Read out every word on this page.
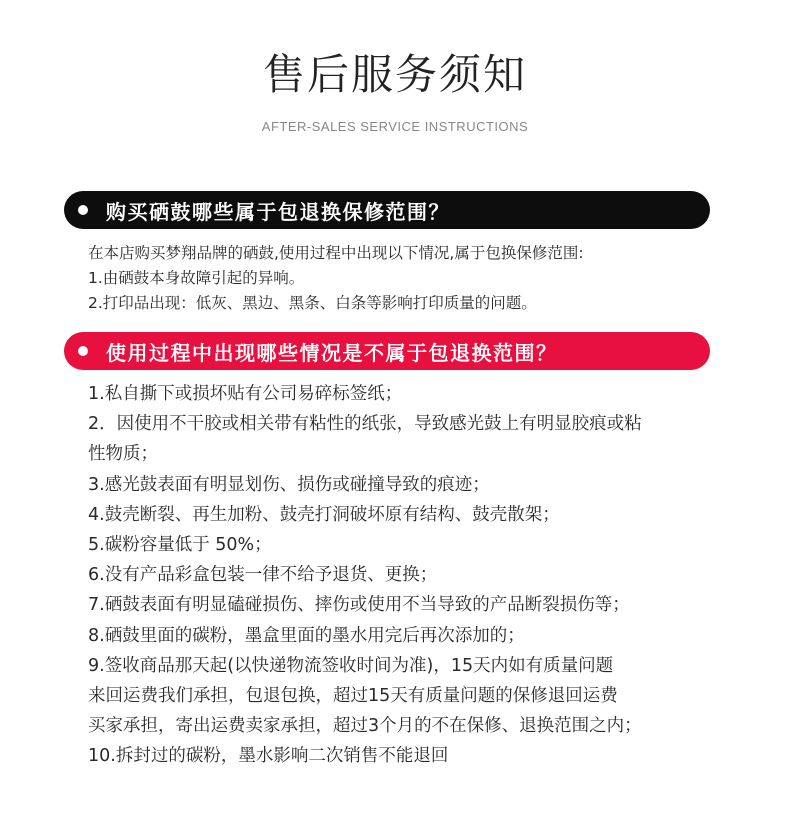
售后服务须知
AFTER-SALES SERVICE INSTRUCTIONS
购买硒鼓哪些属于包退换保修范围？
在本店购买梦翔品牌的硒鼓,使用过程中出现以下情况,属于包换保修范围:
1.由硒鼓本身故障引起的异响。
2.打印品出现：低灰、黑边、黑条、白条等影响打印质量的问题。
使用过程中出现哪些情况是不属于包退换范围？
1.私自撕下或损坏贴有公司易碎标签纸；
2．因使用不干胶或相关带有粘性的纸张，导致感光鼓上有明显胶痕或粘
性物质；
3.感光鼓表面有明显划伤、损伤或碰撞导致的痕迹；
4.鼓壳断裂、再生加粉、鼓壳打洞破坏原有结构、鼓壳散架；
5.碳粉容量低于 50%；
6.没有产品彩盒包装一律不给予退货、更换；
7.硒鼓表面有明显磕碰损伤、摔伤或使用不当导致的产品断裂损伤等；
8.硒鼓里面的碳粉，墨盒里面的墨水用完后再次添加的；
9.签收商品那天起(以快递物流签收时间为准)，15天内如有质量问题
来回运费我们承担，包退包换，超过15天有质量问题的保修退回运费
买家承担，寄出运费卖家承担，超过3个月的不在保修、退换范围之内；
10.拆封过的碳粉，墨水影响二次销售不能退回
